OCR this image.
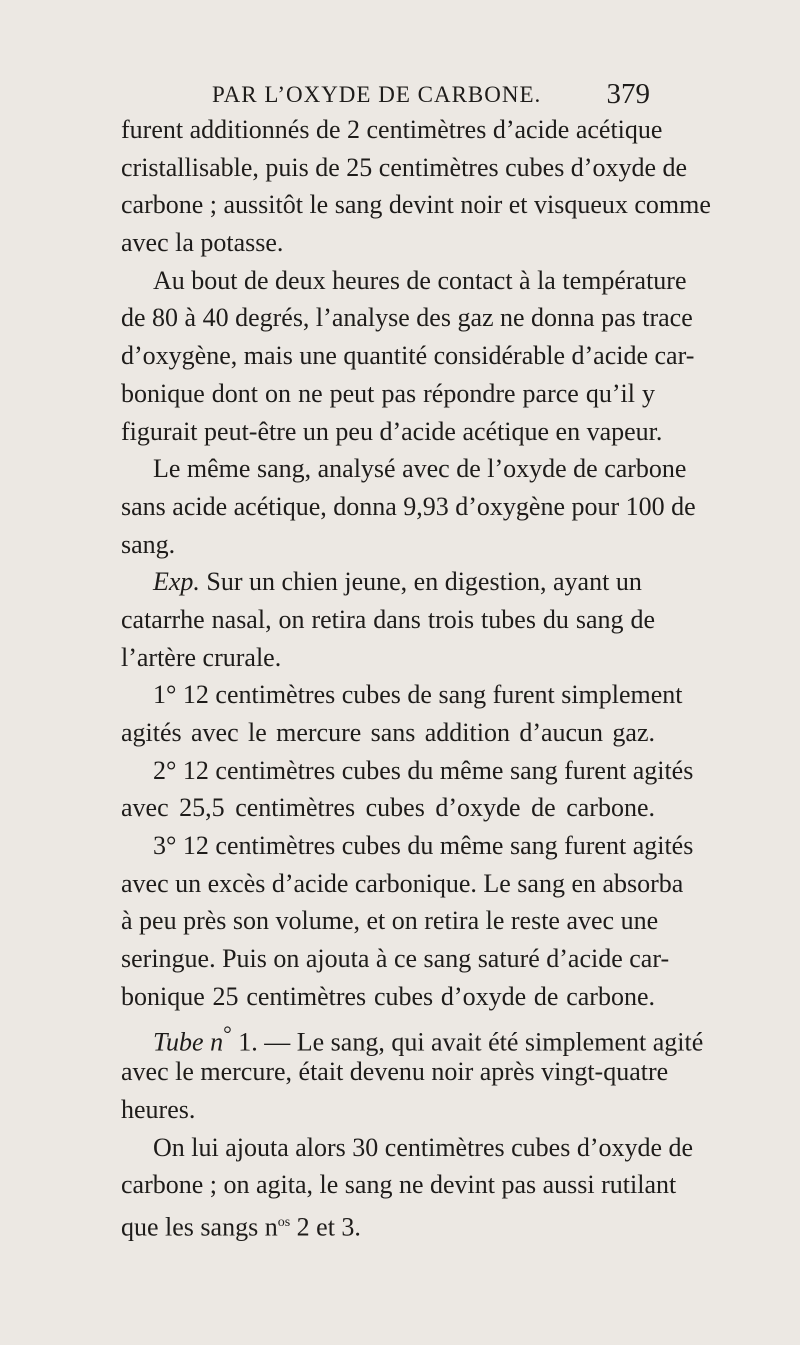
PAR L’OXYDE DE CARBONE. 379
furent additionnés de 2 centimètres d’acide acétique
cristallisable, puis de 25 centimètres cubes d’oxyde de
carbone ; aussitôt le sang devint noir et visqueux comme
avec la potasse.
Au bout de deux heures de contact à la température
de 80 à 40 degrés, l’analyse des gaz ne donna pas trace
d’oxygène, mais une quantité considérable d’acide car-
bonique dont on ne peut pas répondre parce qu’il y
figurait peut-être un peu d’acide acétique en vapeur.
Le même sang, analysé avec de l’oxyde de carbone
sans acide acétique, donna 9,93 d’oxygène pour 100 de
sang.
Exp. Sur un chien jeune, en digestion, ayant un
catarrhe nasal, on retira dans trois tubes du sang de
l’artère crurale.
1° 12 centimètres cubes de sang furent simplement
agités avec le mercure sans addition d’aucun gaz.
2° 12 centimètres cubes du même sang furent agités
avec 25,5 centimètres cubes d’oxyde de carbone.
3° 12 centimètres cubes du même sang furent agités
avec un excès d’acide carbonique. Le sang en absorba
à peu près son volume, et on retira le reste avec une
seringue. Puis on ajouta à ce sang saturé d’acide car-
bonique 25 centimètres cubes d’oxyde de carbone.
Tube n° 1. — Le sang, qui avait été simplement agité
avec le mercure, était devenu noir après vingt-quatre
heures.
On lui ajouta alors 30 centimètres cubes d’oxyde de
carbone ; on agita, le sang ne devint pas aussi rutilant
que les sangs $n^{os}$ 2 et 3.
